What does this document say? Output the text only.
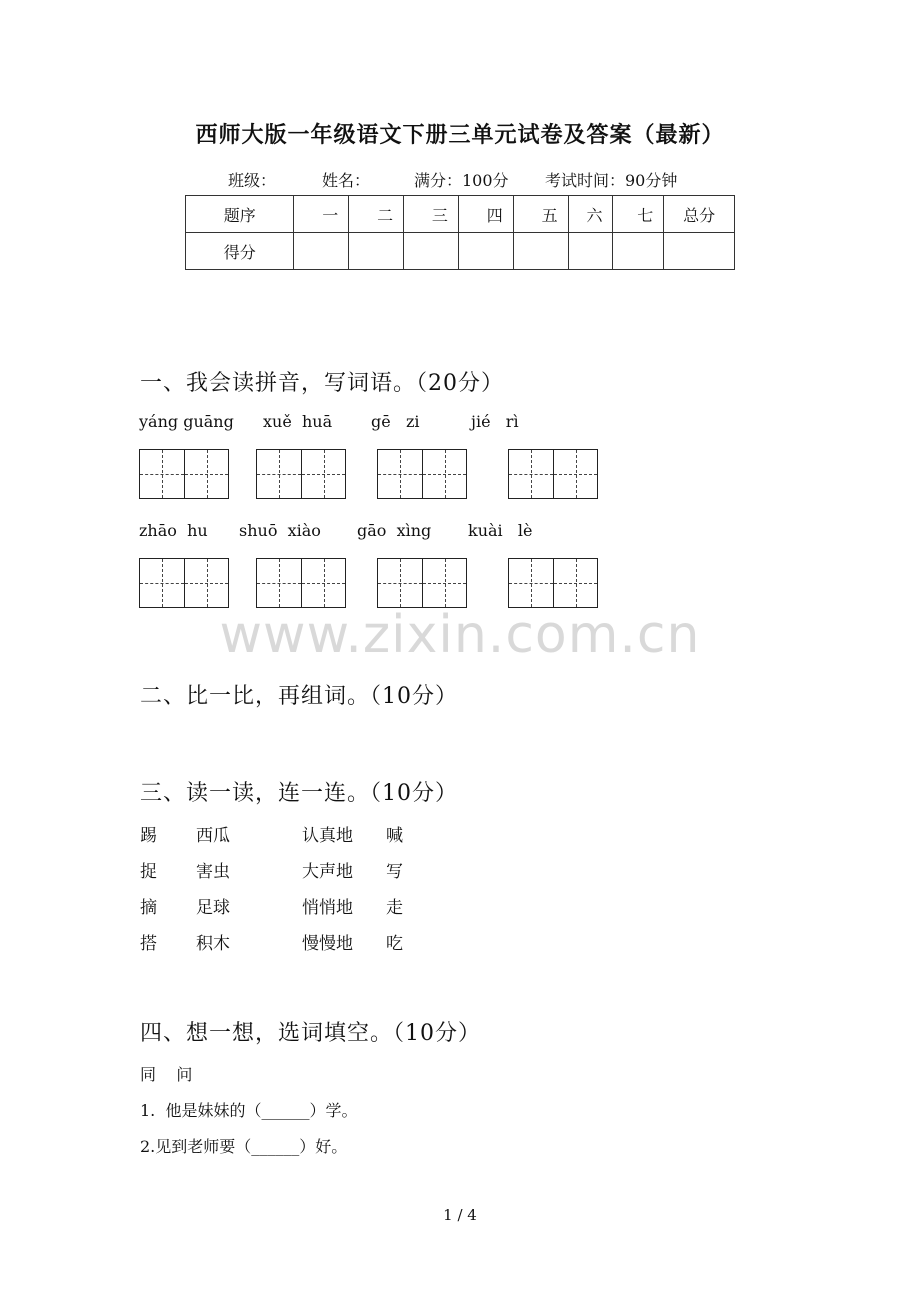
西师大版一年级语文下册三单元试卷及答案（最新）
班级：	姓名：	满分：100分 考试时间：90分钟
题序	一	二	三	四	五	六	七	总分
得分								
一、我会读拼音，写词语。（20分）
yáng guāng xuě  huā gē   zi	jié   rì
zhāo  hu shuō  xiào gāo  xìng kuài   lè
www.zixin.com.cn
二、比一比，再组词。（10分）
三、读一读，连一连。（10分）
踢 西瓜	认真地 喊
捉 害虫	大声地 写
摘 足球	悄悄地 走
搭 积木	慢慢地 吃
四、想一想，选词填空。（10分）
同    问
1.  他是妹妹的（______）学。
2.见到老师要（______）好。
1 / 4
